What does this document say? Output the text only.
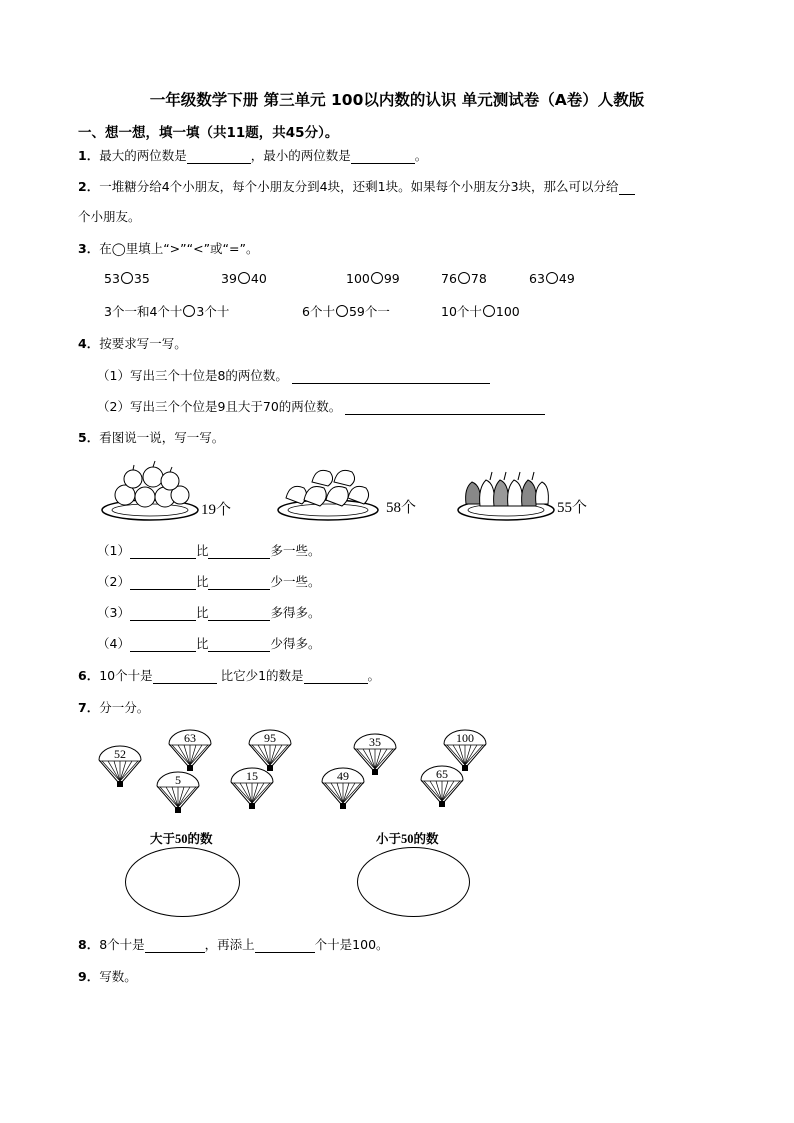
一年级数学下册 第三单元 100以内数的认识 单元测试卷（A卷）人教版
一、想一想，填一填（共11题，共45分）。
1．最大的两位数是	，最小的两位数是	。
2．一堆糖分给4个小朋友，每个小朋友分到4块，还剩1块。如果每个小朋友分3块，那么可以分给
个小朋友。
3．在◯里填上“>”“<”或“=”。
53 35	39 40	100 99	76 78	63 49
3个一和4个十 3个十	6个十 59个一	10个十 100
4．按要求写一写。
（1）写出三个十位是8的两位数。
（2）写出三个个位是9且大于70的两位数。
5．看图说一说，写一写。
19个	58个	55个
（1）	比	多一些。
（2）	比	少一些。
（3）	比	多得多。
（4）	比	少得多。
6．10个十是	比它少1的数是	。
7．分一分。
52
63	95	35	100
5	15	49	65
大于50的数	小于50的数
8．8个十是	，再添上	个十是100。
9．写数。
